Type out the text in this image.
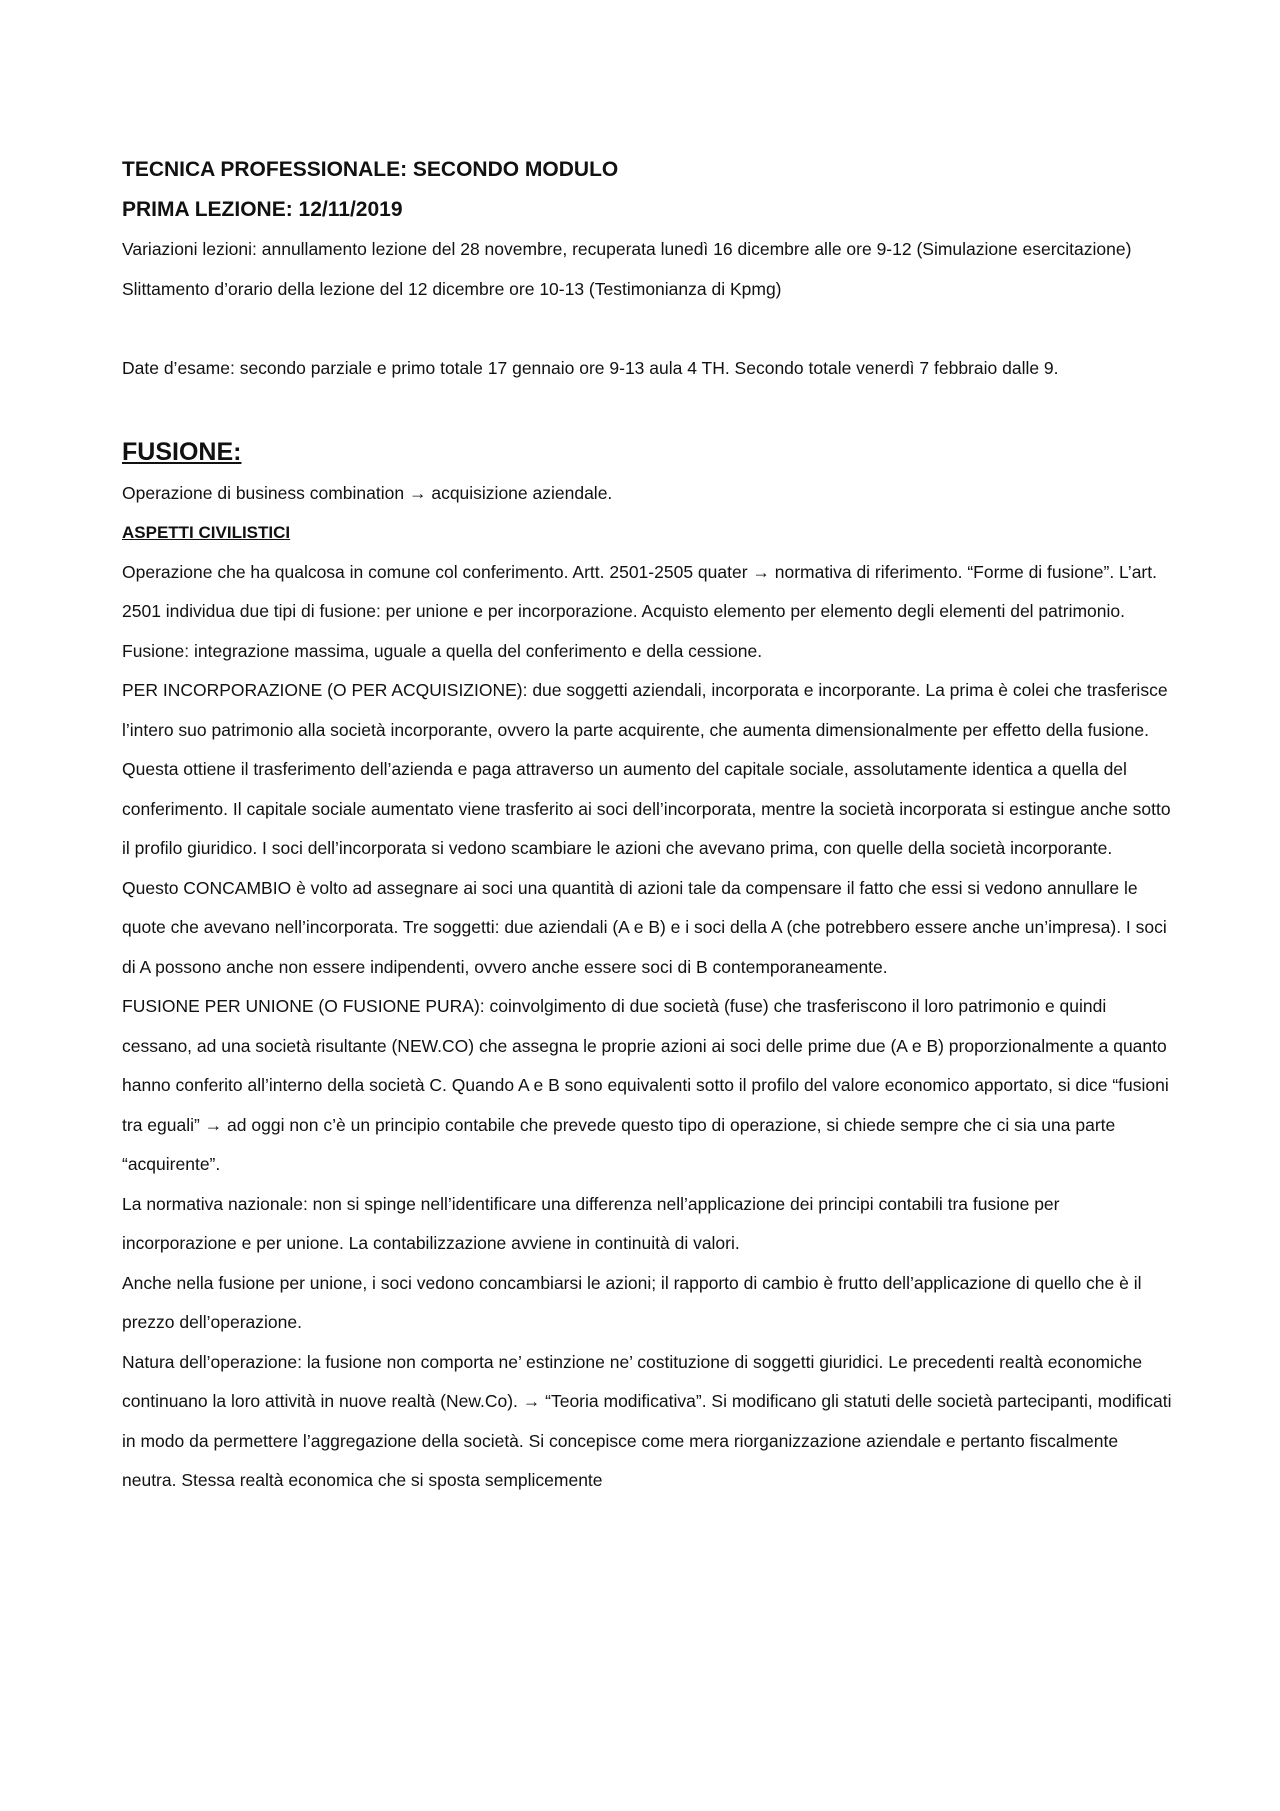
TECNICA PROFESSIONALE: SECONDO MODULO
PRIMA LEZIONE: 12/11/2019

Variazioni lezioni: annullamento lezione del 28 novembre, recuperata lunedì 16 dicembre alle ore 9-12 (Simulazione esercitazione)

Slittamento d’orario della lezione del 12 dicembre ore 10-13 (Testimonianza di Kpmg)

Date d’esame: secondo parziale e primo totale 17 gennaio ore 9-13 aula 4 TH. Secondo totale venerdì 7 febbraio dalle 9.

FUSIONE:

Operazione di business combination → acquisizione aziendale.

ASPETTI CIVILISTICI

Operazione che ha qualcosa in comune col conferimento. Artt. 2501-2505 quater → normativa di riferimento. “Forme di fusione”. L’art. 2501 individua due tipi di fusione: per unione e per incorporazione. Acquisto elemento per elemento degli elementi del patrimonio. Fusione: integrazione massima, uguale a quella del conferimento e della cessione.

PER INCORPORAZIONE (O PER ACQUISIZIONE): due soggetti aziendali, incorporata e incorporante. La prima è colei che trasferisce l’intero suo patrimonio alla società incorporante, ovvero la parte acquirente, che aumenta dimensionalmente per effetto della fusione. Questa ottiene il trasferimento dell’azienda e paga attraverso un aumento del capitale sociale, assolutamente identica a quella del conferimento. Il capitale sociale aumentato viene trasferito ai soci dell’incorporata, mentre la società incorporata si estingue anche sotto il profilo giuridico. I soci dell’incorporata si vedono scambiare le azioni che avevano prima, con quelle della società incorporante. Questo CONCAMBIO è volto ad assegnare ai soci una quantità di azioni tale da compensare il fatto che essi si vedono annullare le quote che avevano nell’incorporata. Tre soggetti: due aziendali (A e B) e i soci della A (che potrebbero essere anche un’impresa). I soci di A possono anche non essere indipendenti, ovvero anche essere soci di B contemporaneamente.

FUSIONE PER UNIONE (O FUSIONE PURA): coinvolgimento di due società (fuse) che trasferiscono il loro patrimonio e quindi cessano, ad una società risultante (NEW.CO) che assegna le proprie azioni ai soci delle prime due (A e B) proporzionalmente a quanto hanno conferito all’interno della società C. Quando A e B sono equivalenti sotto il profilo del valore economico apportato, si dice “fusioni tra eguali” → ad oggi non c’è un principio contabile che prevede questo tipo di operazione, si chiede sempre che ci sia una parte “acquirente”.

La normativa nazionale: non si spinge nell’identificare una differenza nell’applicazione dei principi contabili tra fusione per incorporazione e per unione. La contabilizzazione avviene in continuità di valori.

Anche nella fusione per unione, i soci vedono concambiarsi le azioni; il rapporto di cambio è frutto dell’applicazione di quello che è il prezzo dell’operazione.

Natura dell’operazione: la fusione non comporta ne’ estinzione ne’ costituzione di soggetti giuridici. Le precedenti realtà economiche continuano la loro attività in nuove realtà (New.Co). → “Teoria modificativa”. Si modificano gli statuti delle società partecipanti, modificati in modo da permettere l’aggregazione della società. Si concepisce come mera riorganizzazione aziendale e pertanto fiscalmente neutra. Stessa realtà economica che si sposta semplicemente
